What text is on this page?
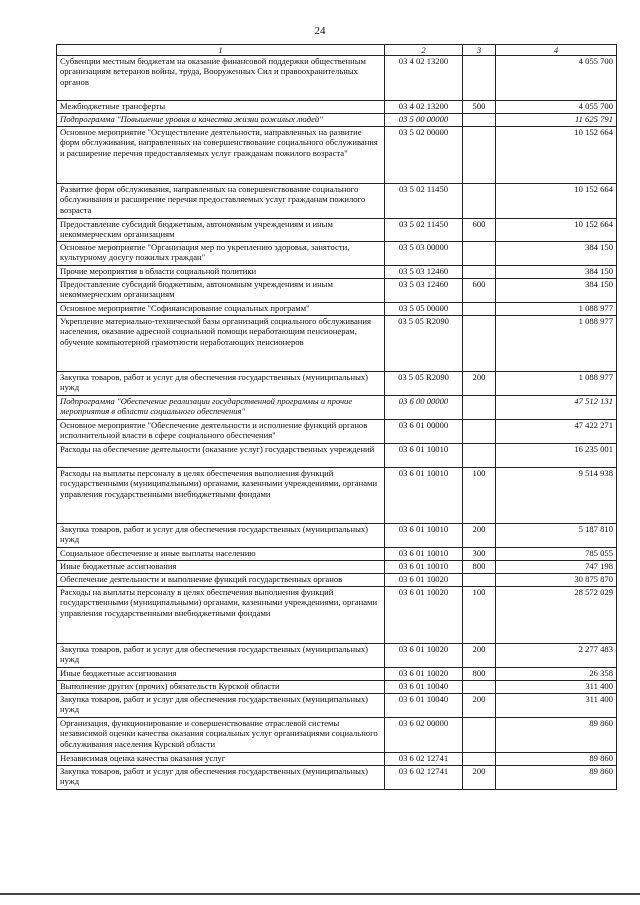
24
1	2	3	4
Субвенции местным бюджетам на оказание финансовой поддержки общественным организациям ветеранов войны, труда, Вооруженных Сил и правоохранительных органов	03 4 02 13200		4 055 700
Межбюджетные трансферты	03 4 02 13200	500	4 055 700
Подпрограмма "Повышение уровня и качества жизни пожилых людей"	03 5 00 00000		11 625 791
Основное мероприятие "Осуществление деятельности, направленных на развитие форм обслуживания, направленных на совершенствование социального обслуживания и расширение перечня предоставляемых услуг гражданам пожилого возраста"	03 5 02 00000		10 152 664
Развитие форм обслуживания, направленных на совершенствование социального обслуживания и расширение перечня предоставляемых услуг гражданам пожилого возраста	03 5 02 11450		10 152 664
Предоставление субсидий бюджетным, автономным учреждениям и иным некоммерческим организациям	03 5 02 11450	600	10 152 664
Основное мероприятие "Организация мер по укреплению здоровья, занятости, культурному досугу пожилых граждан"	03 5 03 00000		384 150
Прочие мероприятия в области социальной политики	03 5 03 12460		384 150
Предоставление субсидий бюджетным, автономным учреждениям и иным некоммерческим организациям	03 5 03 12460	600	384 150
Основное мероприятие "Софинансирование социальных программ"	03 5 05 00000		1 088 977
Укрепление материально-технической базы организаций социального обслуживания населения, оказание адресной социальной помощи неработающим пенсионерам, обучение компьютерной грамотности неработающих пенсионеров	03 5 05 R2090		1 088 977
Закупка товаров, работ и услуг для обеспечения государственных (муниципальных) нужд	03 5 05 R2090	200	1 088 977
Подпрограмма "Обеспечение реализации государственной программы и прочие мероприятия в области социального обеспечения"	03 6 00 00000		47 512 131
Основное мероприятие "Обеспечение деятельности и исполнение функций органов исполнительной власти в сфере социального обеспечения"	03 6 01 00000		47 422 271
Расходы на обеспечение деятельности (оказание услуг) государственных учреждений	03 6 01 10010		16 235 001
Расходы на выплаты персоналу в целях обеспечения выполнения функций государственными (муниципальными) органами, казенными учреждениями, органами управления государственными внебюджетными фондами	03 6 01 10010	100	9 514 938
Закупка товаров, работ и услуг для обеспечения государственных (муниципальных) нужд	03 6 01 10010	200	5 187 810
Социальное обеспечение и иные выплаты населению	03 6 01 10010	300	785 055
Иные бюджетные ассигнования	03 6 01 10010	800	747 198
Обеспечение деятельности и выполнение функций государственных органов	03 6 01 10020		30 875 870
Расходы на выплаты персоналу в целях обеспечения выполнения функций государственными (муниципальными) органами, казенными учреждениями, органами управления государственными внебюджетными фондами	03 6 01 10020	100	28 572 029
Закупка товаров, работ и услуг для обеспечения государственных (муниципальных) нужд	03 6 01 10020	200	2 277 483
Иные бюджетные ассигнования	03 6 01 10020	800	26 358
Выполнение других (прочих) обязательств Курской области	03 6 01 10040		311 400
Закупка товаров, работ и услуг для обеспечения государственных (муниципальных) нужд	03 6 01 10040	200	311 400
Организация, функционирование и совершенствование отраслевой системы независимой оценки качества оказания социальных услуг организациями социального обслуживания населения Курской области	03 6 02 00000		89 860
Независимая оценка качества оказания услуг	03 6 02 12741		89 860
Закупка товаров, работ и услуг для обеспечения государственных (муниципальных) нужд	03 6 02 12741	200	89 860
